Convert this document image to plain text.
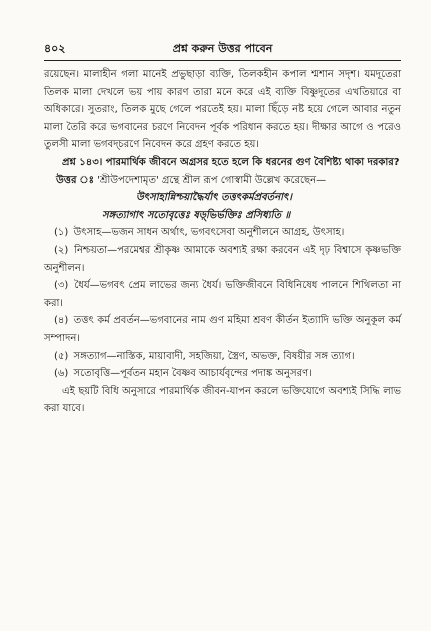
৪০২	প্রশ্ন করুন উত্তর পাবেন

রয়েছেন। মালাহীন গলা মানেই প্রভুছাড়া ব্যক্তি, তিলকহীন কপাল শ্মশান সদৃশ। যমদূতেরা তিলক মালা দেখলে ভয় পায় কারণ তারা মনে করে এই ব্যক্তি বিষ্ণুদূতের এখতিয়ারে বা অধিকারে। সুতরাং, তিলক মুছে গেলে পরতেই হয়। মালা ছিঁড়ে নষ্ট হয়ে গেলে আবার নতুন মালা তৈরি করে ভগবানের চরণে নিবেদন পূর্বক পরিধান করতে হয়। দীক্ষার আগে ও পরেও তুলসী মালা ভগবদ্‌চরণে নিবেদন করে গ্রহণ করতে হয়।

প্রশ্ন ১৪৩। পারমার্থিক জীবনে অগ্রসর হতে হলে কি ধরনের গুণ বৈশিষ্ট্য থাকা দরকার?

উত্তর ঃ 'শ্রীউপদেশামৃত' গ্রন্থে শ্রীল রূপ গোস্বামী উল্লেখ করেছেন—

উৎসাহান্নিশ্চয়াদ্ধৈর্যাৎ তত্তৎকর্মপ্রবর্তনাৎ।

সঙ্গত্যাগাৎ সতোবৃত্তেঃ ষড়্‌ভির্ভক্তিঃ প্রসিধ্যতি ॥

(১) উৎসাহ—ভজন সাধন অর্থাৎ, ভগবৎসেবা অনুশীলনে আগ্রহ, উৎসাহ।

(২) নিশ্চয়তা—পরমেশ্বর শ্রীকৃষ্ণ আমাকে অবশ্যই রক্ষা করবেন এই দৃঢ় বিশ্বাসে কৃষ্ণভক্তি অনুশীলন।

(৩) ধৈর্য—ভগবৎ প্রেম লাভের জন্য ধৈর্য। ভক্তিজীবনে বিধিনিষেধ পালনে শিথিলতা না করা।

(৪) তত্তৎ কর্ম প্রবর্তন—ভগবানের নাম গুণ মহিমা শ্রবণ কীর্তন ইত্যাদি ভক্তি অনুকূল কর্ম সম্পাদন।

(৫) সঙ্গত্যাগ—নাস্তিক, মায়াবাদী, সহজিয়া, স্ত্রৈণ, অভক্ত, বিষয়ীর সঙ্গ ত্যাগ।

(৬) সতোবৃত্তি—পূর্বতন মহান বৈষ্ণব আচার্যবৃন্দের পদাঙ্ক অনুসরণ।

এই ছয়টি বিধি অনুসারে পারমার্থিক জীবন-যাপন করলে ভক্তিযোগে অবশ্যই সিদ্ধি লাভ করা যাবে।
